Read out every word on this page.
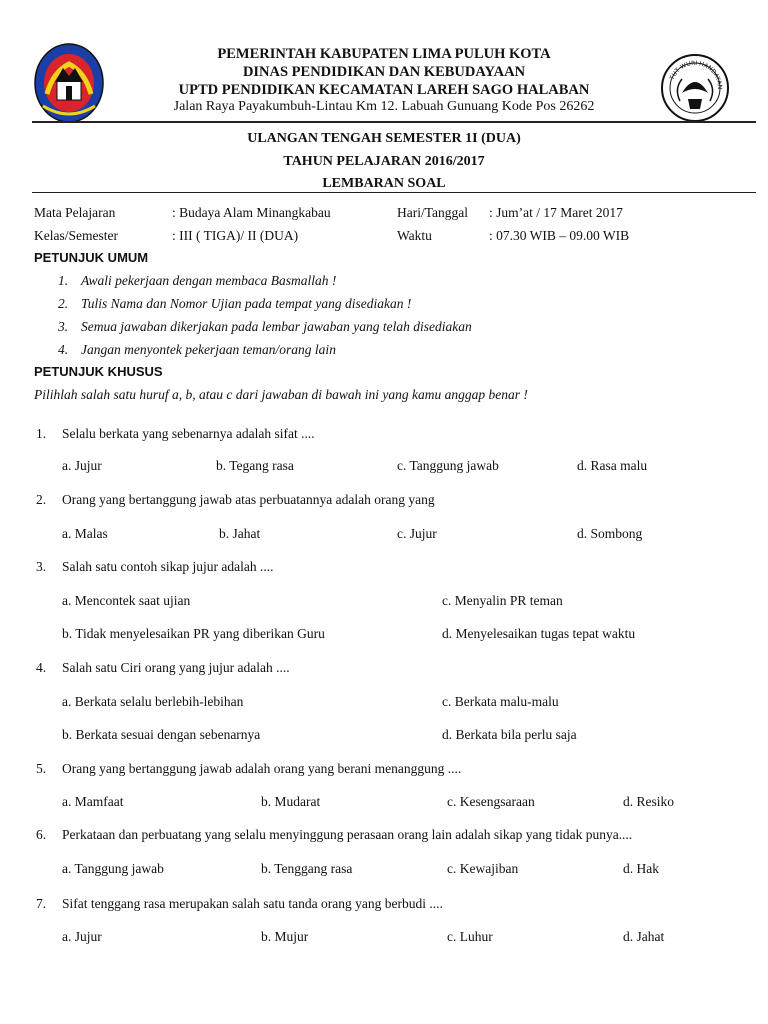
PEMERINTAH KABUPATEN LIMA PULUH KOTA
DINAS PENDIDIKAN DAN KEBUDAYAAN
UPTD PENDIDIKAN KECAMATAN LAREH SAGO HALABAN
Jalan Raya Payakumbuh-Lintau Km 12. Labuah Gunuang Kode Pos 26262
TUT WURI HANDAYAN
ULANGAN TENGAH SEMESTER 1I (DUA)
TAHUN PELAJARAN 2016/2017
LEMBARAN SOAL
Mata Pelajaran	: Budaya Alam Minangkabau	Hari/Tanggal : Jum’at / 17 Maret 2017
Kelas/Semester	: III ( TIGA)/ II (DUA)	Waktu	: 07.30 WIB – 09.00 WIB
PETUNJUK UMUM
1. Awali pekerjaan dengan membaca Basmallah !
2. Tulis Nama dan Nomor Ujian pada tempat yang disediakan !
3. Semua jawaban dikerjakan pada lembar jawaban yang telah disediakan
4. Jangan menyontek pekerjaan teman/orang lain
PETUNJUK KHUSUS
Pilihlah salah satu huruf a, b, atau c dari jawaban di bawah ini yang kamu anggap benar !
1. Selalu berkata yang sebenarnya adalah sifat ....
a. Jujur	b. Tegang rasa	c. Tanggung jawab	d. Rasa malu
2. Orang yang bertanggung jawab atas perbuatannya adalah orang yang
a. Malas	b. Jahat	c. Jujur	d. Sombong
3. Salah satu contoh sikap jujur adalah ....
a. Mencontek saat ujian	c. Menyalin PR teman
b. Tidak menyelesaikan PR yang diberikan Guru	d. Menyelesaikan tugas tepat waktu
4. Salah satu Ciri orang yang jujur adalah ....
a. Berkata selalu berlebih-lebihan	c. Berkata malu-malu
b. Berkata sesuai dengan sebenarnya	d. Berkata bila perlu saja
5. Orang yang bertanggung jawab adalah orang yang berani menanggung ....
a. Mamfaat	b. Mudarat	c. Kesengsaraan	d. Resiko
6. Perkataan dan perbuatang yang selalu menyinggung perasaan orang lain adalah sikap yang tidak punya....
a. Tanggung jawab	b. Tenggang rasa	c. Kewajiban	d. Hak
7. Sifat tenggang rasa merupakan salah satu tanda orang yang berbudi ....
a. Jujur	b. Mujur	c. Luhur	d. Jahat
